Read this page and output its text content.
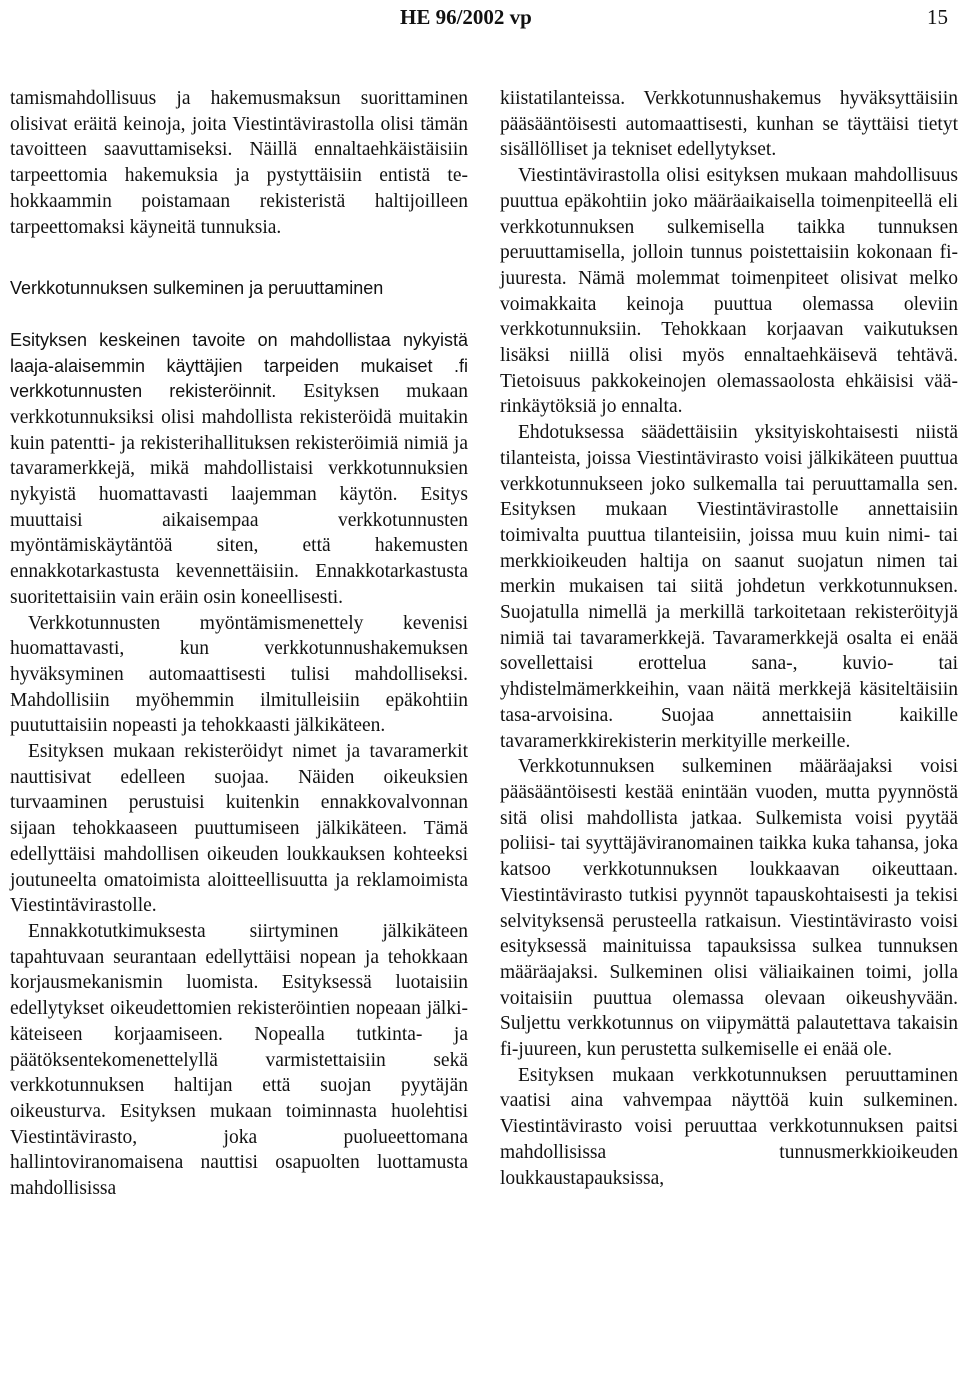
HE 96/2002 vp	15

tamismahdollisuus ja hakemusmaksun suorittaminen olisivat eräitä keinoja, joita Viestintävirastolla olisi tämän tavoitteen saavuttamiseksi. Näillä ennaltaehkäistäisiin tarpeettomia hakemuksia ja pystyttäisiin entistä tehokkaammin poistamaan rekisteristä haltijoilleen tarpeettomaksi käyneitä tunnuksia.

Verkkotunnuksen sulkeminen ja peruuttaminen

Esityksen keskeinen tavoite on mahdollistaa nykyistä laaja-alaisemmin käyttäjien tarpeiden mukaiset .fi verkkotunnusten rekisteröinnit. Esityksen mukaan verkkotunnuksiksi olisi mahdollista rekisteröidä muitakin kuin patentti- ja rekisterihallituksen rekisteröimiä nimiä ja tavaramerkkejä, mikä mahdollistaisi verkkotunnuksien nykyistä huomattavasti laajemman käytön. Esitys muuttaisi aikaisempaa verkkotunnusten myöntämiskäytäntöä siten, että hakemusten ennakkotarkastusta kevennettäisiin. Ennakkotarkastusta suoritettaisiin vain eräin osin koneellisesti.

Verkkotunnusten myöntämismenettely kevenisi huomattavasti, kun verkkotunnushakemuksen hyväksyminen automaattisesti tulisi mahdolliseksi. Mahdollisiin myöhemmin ilmitulleisiin epäkohtiin puututtaisiin nopeasti ja tehokkaasti jälkikäteen.

Esityksen mukaan rekisteröidyt nimet ja tavaramerkit nauttisivat edelleen suojaa. Näiden oikeuksien turvaaminen perustuisi kuitenkin ennakkovalvonnan sijaan tehokkaaseen puuttumiseen jälkikäteen. Tämä edellyttäisi mahdollisen oikeuden loukkauksen kohteeksi joutuneelta omatoimista aloitteellisuutta ja reklamoimista Viestintävirastolle.

Ennakkotutkimuksesta siirtyminen jälkikäteen tapahtuvaan seurantaan edellyttäisi nopean ja tehokkaan korjausmekanismin luomista. Esityksessä luotaisiin edellytykset oikeudettomien rekisteröintien nopeaan jälkikäteiseen korjaamiseen. Nopealla tutkinta- ja päätöksentekomenettelyllä varmistettaisiin sekä verkkotunnuksen haltijan että suojan pyytäjän oikeusturva. Esityksen mukaan toiminnasta huolehtisi Viestintävirasto, joka puolueettomana hallintoviranomaisena nauttisi osapuolten luottamusta mahdollisissa

kiistatilanteissa. Verkkotunnushakemus hyväksyttäisiin pääsääntöisesti automaattisesti, kunhan se täyttäisi tietyt sisällölliset ja tekniset edellytykset.

Viestintävirastolla olisi esityksen mukaan mahdollisuus puuttua epäkohtiin joko määräaikaisella toimenpiteellä eli verkkotunnuksen sulkemisella taikka tunnuksen peruuttamisella, jolloin tunnus poistettaisiin kokonaan fijuuresta. Nämä molemmat toimenpiteet olisivat melko voimakkaita keinoja puuttua olemassa oleviin verkkotunnuksiin. Tehokkaan korjaavan vaikutuksen lisäksi niillä olisi myös ennaltaehkäisevä tehtävä. Tietoisuus pakkokeinojen olemassaolosta ehkäisisi väärinkäytöksiä jo ennalta.

Ehdotuksessa säädettäisiin yksityiskohtaisesti niistä tilanteista, joissa Viestintävirasto voisi jälkikäteen puuttua verkkotunnukseen joko sulkemalla tai peruuttamalla sen. Esityksen mukaan Viestintävirastolle annettaisiin toimivalta puuttua tilanteisiin, joissa muu kuin nimi- tai merkkioikeuden haltija on saanut suojatun nimen tai merkin mukaisen tai siitä johdetun verkkotunnuksen. Suojatulla nimellä ja merkillä tarkoitetaan rekisteröityjä nimiä tai tavaramerkkejä. Tavaramerkkejä osalta ei enää sovellettaisi erottelua sana-, kuvio- tai yhdistelmämerkkeihin, vaan näitä merkkejä käsiteltäisiin tasa-arvoisina. Suojaa annettaisiin kaikille tavaramerkkirekisterin merkityille merkeille.

Verkkotunnuksen sulkeminen määräajaksi voisi pääsääntöisesti kestää enintään vuoden, mutta pyynnöstä sitä olisi mahdollista jatkaa. Sulkemista voisi pyytää poliisi- tai syyttäjäviranomainen taikka kuka tahansa, joka katsoo verkkotunnuksen loukkaavan oikeuttaan. Viestintävirasto tutkisi pyynnöt tapauskohtaisesti ja tekisi selvityksensä perusteella ratkaisun. Viestintävirasto voisi esityksessä mainituissa tapauksissa sulkea tunnuksen määräajaksi. Sulkeminen olisi väliaikainen toimi, jolla voitaisiin puuttua olemassa olevaan oikeushyvään. Suljettu verkkotunnus on viipymättä palautettava takaisin fi-juureen, kun perustetta sulkemiselle ei enää ole.

Esityksen mukaan verkkotunnuksen peruuttaminen vaatisi aina vahvempaa näyttöä kuin sulkeminen. Viestintävirasto voisi peruuttaa verkkotunnuksen paitsi mahdollisissa tunnusmerkkioikeuden loukkaustapauksissa,
